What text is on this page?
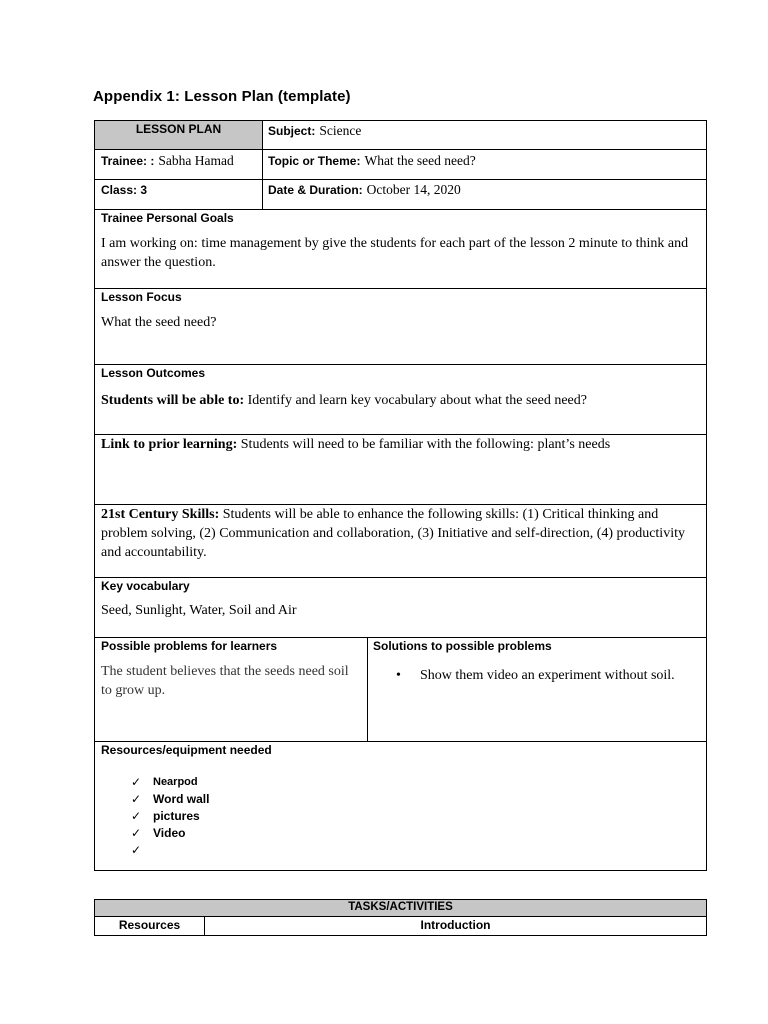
Appendix 1: Lesson Plan (template)
LESSON PLAN	Subject: Science
Trainee: : Sabha Hamad	Topic or Theme: What the seed need?
Class: 3	Date & Duration: October 14, 2020
Trainee Personal Goals
I am working on: time management by give the students for each part of the lesson 2 minute to think and answer the question.
Lesson Focus
What the seed need?
Lesson Outcomes
Students will be able to: Identify and learn key vocabulary about what the seed need?
Link to prior learning: Students will need to be familiar with the following: plant’s needs
21st Century Skills: Students will be able to enhance the following skills: (1) Critical thinking and problem solving, (2) Communication and collaboration, (3) Initiative and self-direction, (4) productivity and accountability.
Key vocabulary
Seed, Sunlight, Water, Soil and Air
Possible problems for learners
The student believes that the seeds need soil to grow up.
Solutions to possible problems
• Show them video an experiment without soil.
Resources/equipment needed
✓	Nearpod
✓ Word wall
✓ pictures
✓ Video
✓
TASKS/ACTIVITIES
Resources	Introduction
